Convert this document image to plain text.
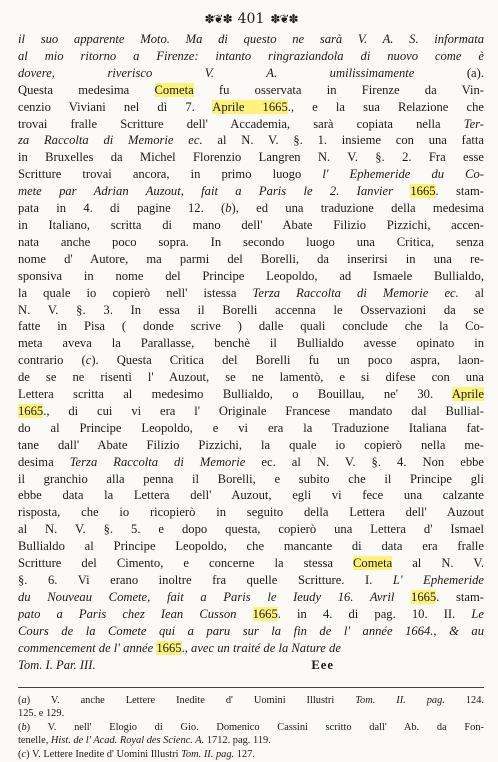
✽❦✽ 401 ✽❦✽
il suo apparente Moto. Ma di questo ne sarà V. A. S. informata
al mio ritorno a Firenze: intanto ringraziandola di nuovo come è
dovere, riverisco V. A. umilissimamente (a).
Questa medesima Cometa fu osservata in Firenze da Vin-
cenzio Viviani nel dì 7. Aprile 1665., e la sua Relazione che
trovai fralle Scritture dell' Accademia, sarà copiata nella Ter-
za Raccolta di Memorie ec. al N. V. §. 1. insieme con una fatta
in Bruxelles da Michel Florenzio Langren N. V. §. 2. Fra esse
Scritture trovai ancora, in primo luogo l' Ephemeride du Co-
mete par Adrian Auzout, fait a Paris le 2. Ianvier 1665. stam-
pata in 4. di pagine 12. (b), ed una traduzione della medesima
in Italiano, scritta di mano dell' Abate Filizio Pizzichi, accen-
nata anche poco sopra. In secondo luogo una Critica, senza
nome d' Autore, ma parmi del Borelli, da inserirsi in una re-
sponsiva in nome del Principe Leopoldo, ad Ismaele Bullialdo,
la quale io copierò nell' istessa Terza Raccolta di Memorie ec. al
N. V. §. 3. In essa il Borelli accenna le Osservazioni da se
fatte in Pisa ( donde scrive ) dalle quali conclude che la Co-
meta aveva la Parallasse, benchè il Bullialdo avesse opinato in
contrario (c). Questa Critica del Borelli fu un poco aspra, laon-
de se ne risentì l' Auzout, se ne lamentò, e si difese con una
Lettera scritta al medesimo Bullialdo, o Bouillau, ne' 30. Aprile
1665., di cui vi era l' Originale Francese mandato dal Bullial-
do al Principe Leopoldo, e vi era la Traduzione Italiana fat-
tane dall' Abate Filizio Pizzichi, la quale io copierò nella me-
desima Terza Raccolta di Memorie ec. al N. V. §. 4. Non ebbe
il granchio alla penna il Borelli, e subito che il Principe gli
ebbe data la Lettera dell' Auzout, egli vi fece una calzante
risposta, che io ricopierò in seguito della Lettera dell' Auzout
al N. V. §. 5. e dopo questa, copierò una Lettera d' Ismael
Bullialdo al Principe Leopoldo, che mancante di data era fralle
Scritture del Cimento, e concerne la stessa Cometa al N. V.
§. 6. Vi erano inoltre fra quelle Scritture. I. L' Ephemeride
du Nouveau Comete, fait a Paris le Ieudy 16. Avril 1665. stam-
pato a Paris chez Iean Cusson 1665. in 4. di pag. 10. II. Le
Cours de la Comete qui a paru sur la fin de l' année 1664., & au
commencement de l' année 1665., avec un traité de la Nature de
Tom. I. Par. III.	Eee
(a) V. anche Lettere Inedite d' Uomini Illustri Tom. II. pag. 124.
125. e 129.
(b) V. nell' Elogio di Gio. Domenico Cassini scritto dall' Ab. da Fon-
tenelle, Hist. de l' Acad. Royal des Scienc. A. 1712. pag. 119.
(c) V. Lettere Inedite d' Uomini Illustri Tom. II. pag. 127.
